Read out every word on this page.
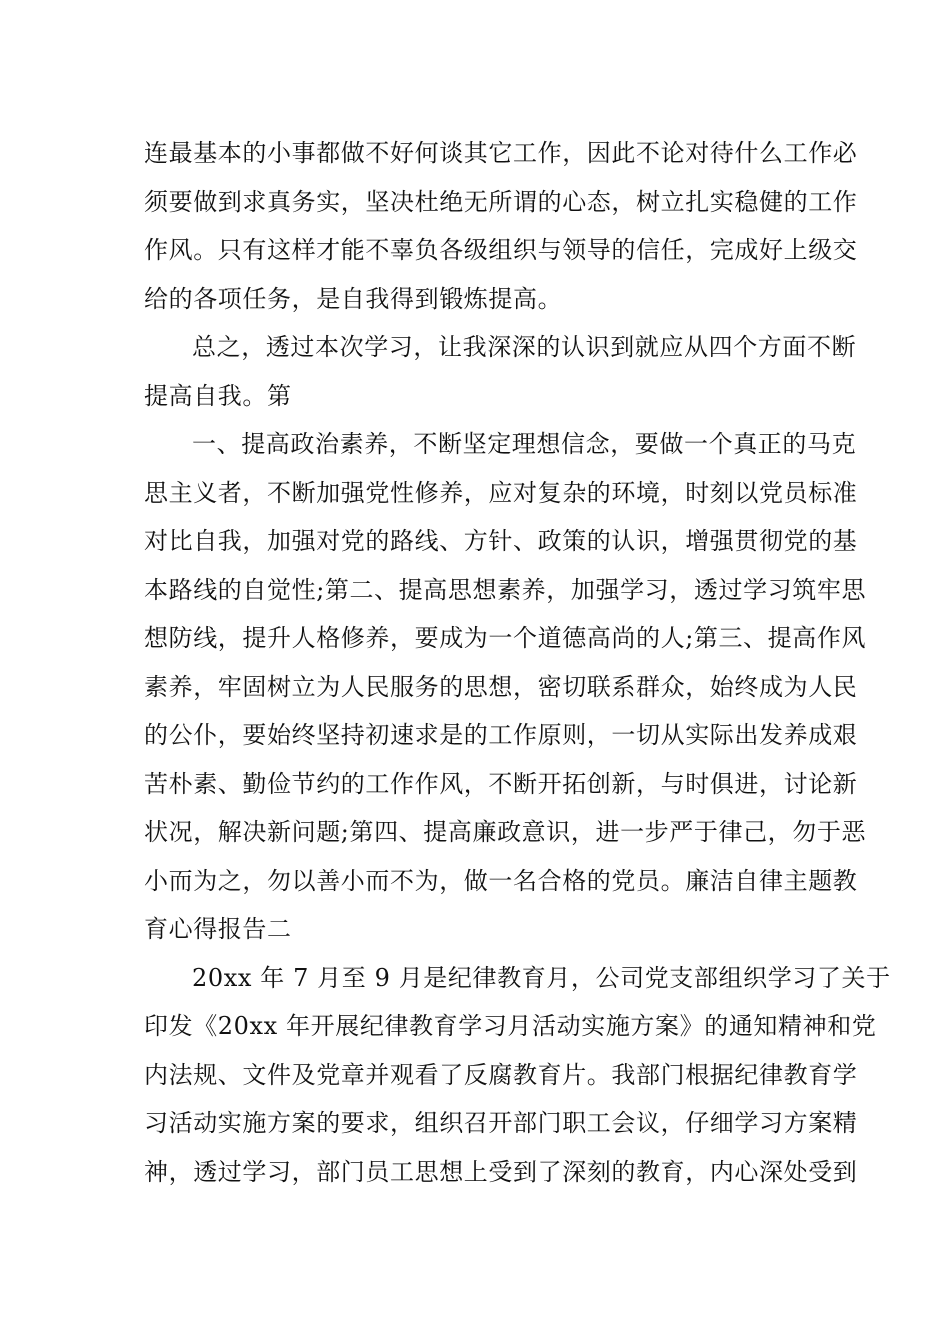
连最基本的小事都做不好何谈其它工作，因此不论对待什么工作必
须要做到求真务实，坚决杜绝无所谓的心态，树立扎实稳健的工作
作风。只有这样才能不辜负各级组织与领导的信任，完成好上级交
给的各项任务，是自我得到锻炼提高。
总之，透过本次学习，让我深深的认识到就应从四个方面不断
提高自我。第
一、提高政治素养，不断坚定理想信念，要做一个真正的马克
思主义者，不断加强党性修养，应对复杂的环境，时刻以党员标准
对比自我，加强对党的路线、方针、政策的认识，增强贯彻党的基
本路线的自觉性;第二、提高思想素养，加强学习，透过学习筑牢思
想防线，提升人格修养，要成为一个道德高尚的人;第三、提高作风
素养，牢固树立为人民服务的思想，密切联系群众，始终成为人民
的公仆，要始终坚持初速求是的工作原则，一切从实际出发养成艰
苦朴素、勤俭节约的工作作风，不断开拓创新，与时俱进，讨论新
状况，解决新问题;第四、提高廉政意识，进一步严于律己，勿于恶
小而为之，勿以善小而不为，做一名合格的党员。廉洁自律主题教
育心得报告二
20xx 年 7 月至 9 月是纪律教育月，公司党支部组织学习了关于
印发《20xx 年开展纪律教育学习月活动实施方案》的通知精神和党
内法规、文件及党章并观看了反腐教育片。我部门根据纪律教育学
习活动实施方案的要求，组织召开部门职工会议，仔细学习方案精
神，透过学习，部门员工思想上受到了深刻的教育，内心深处受到
